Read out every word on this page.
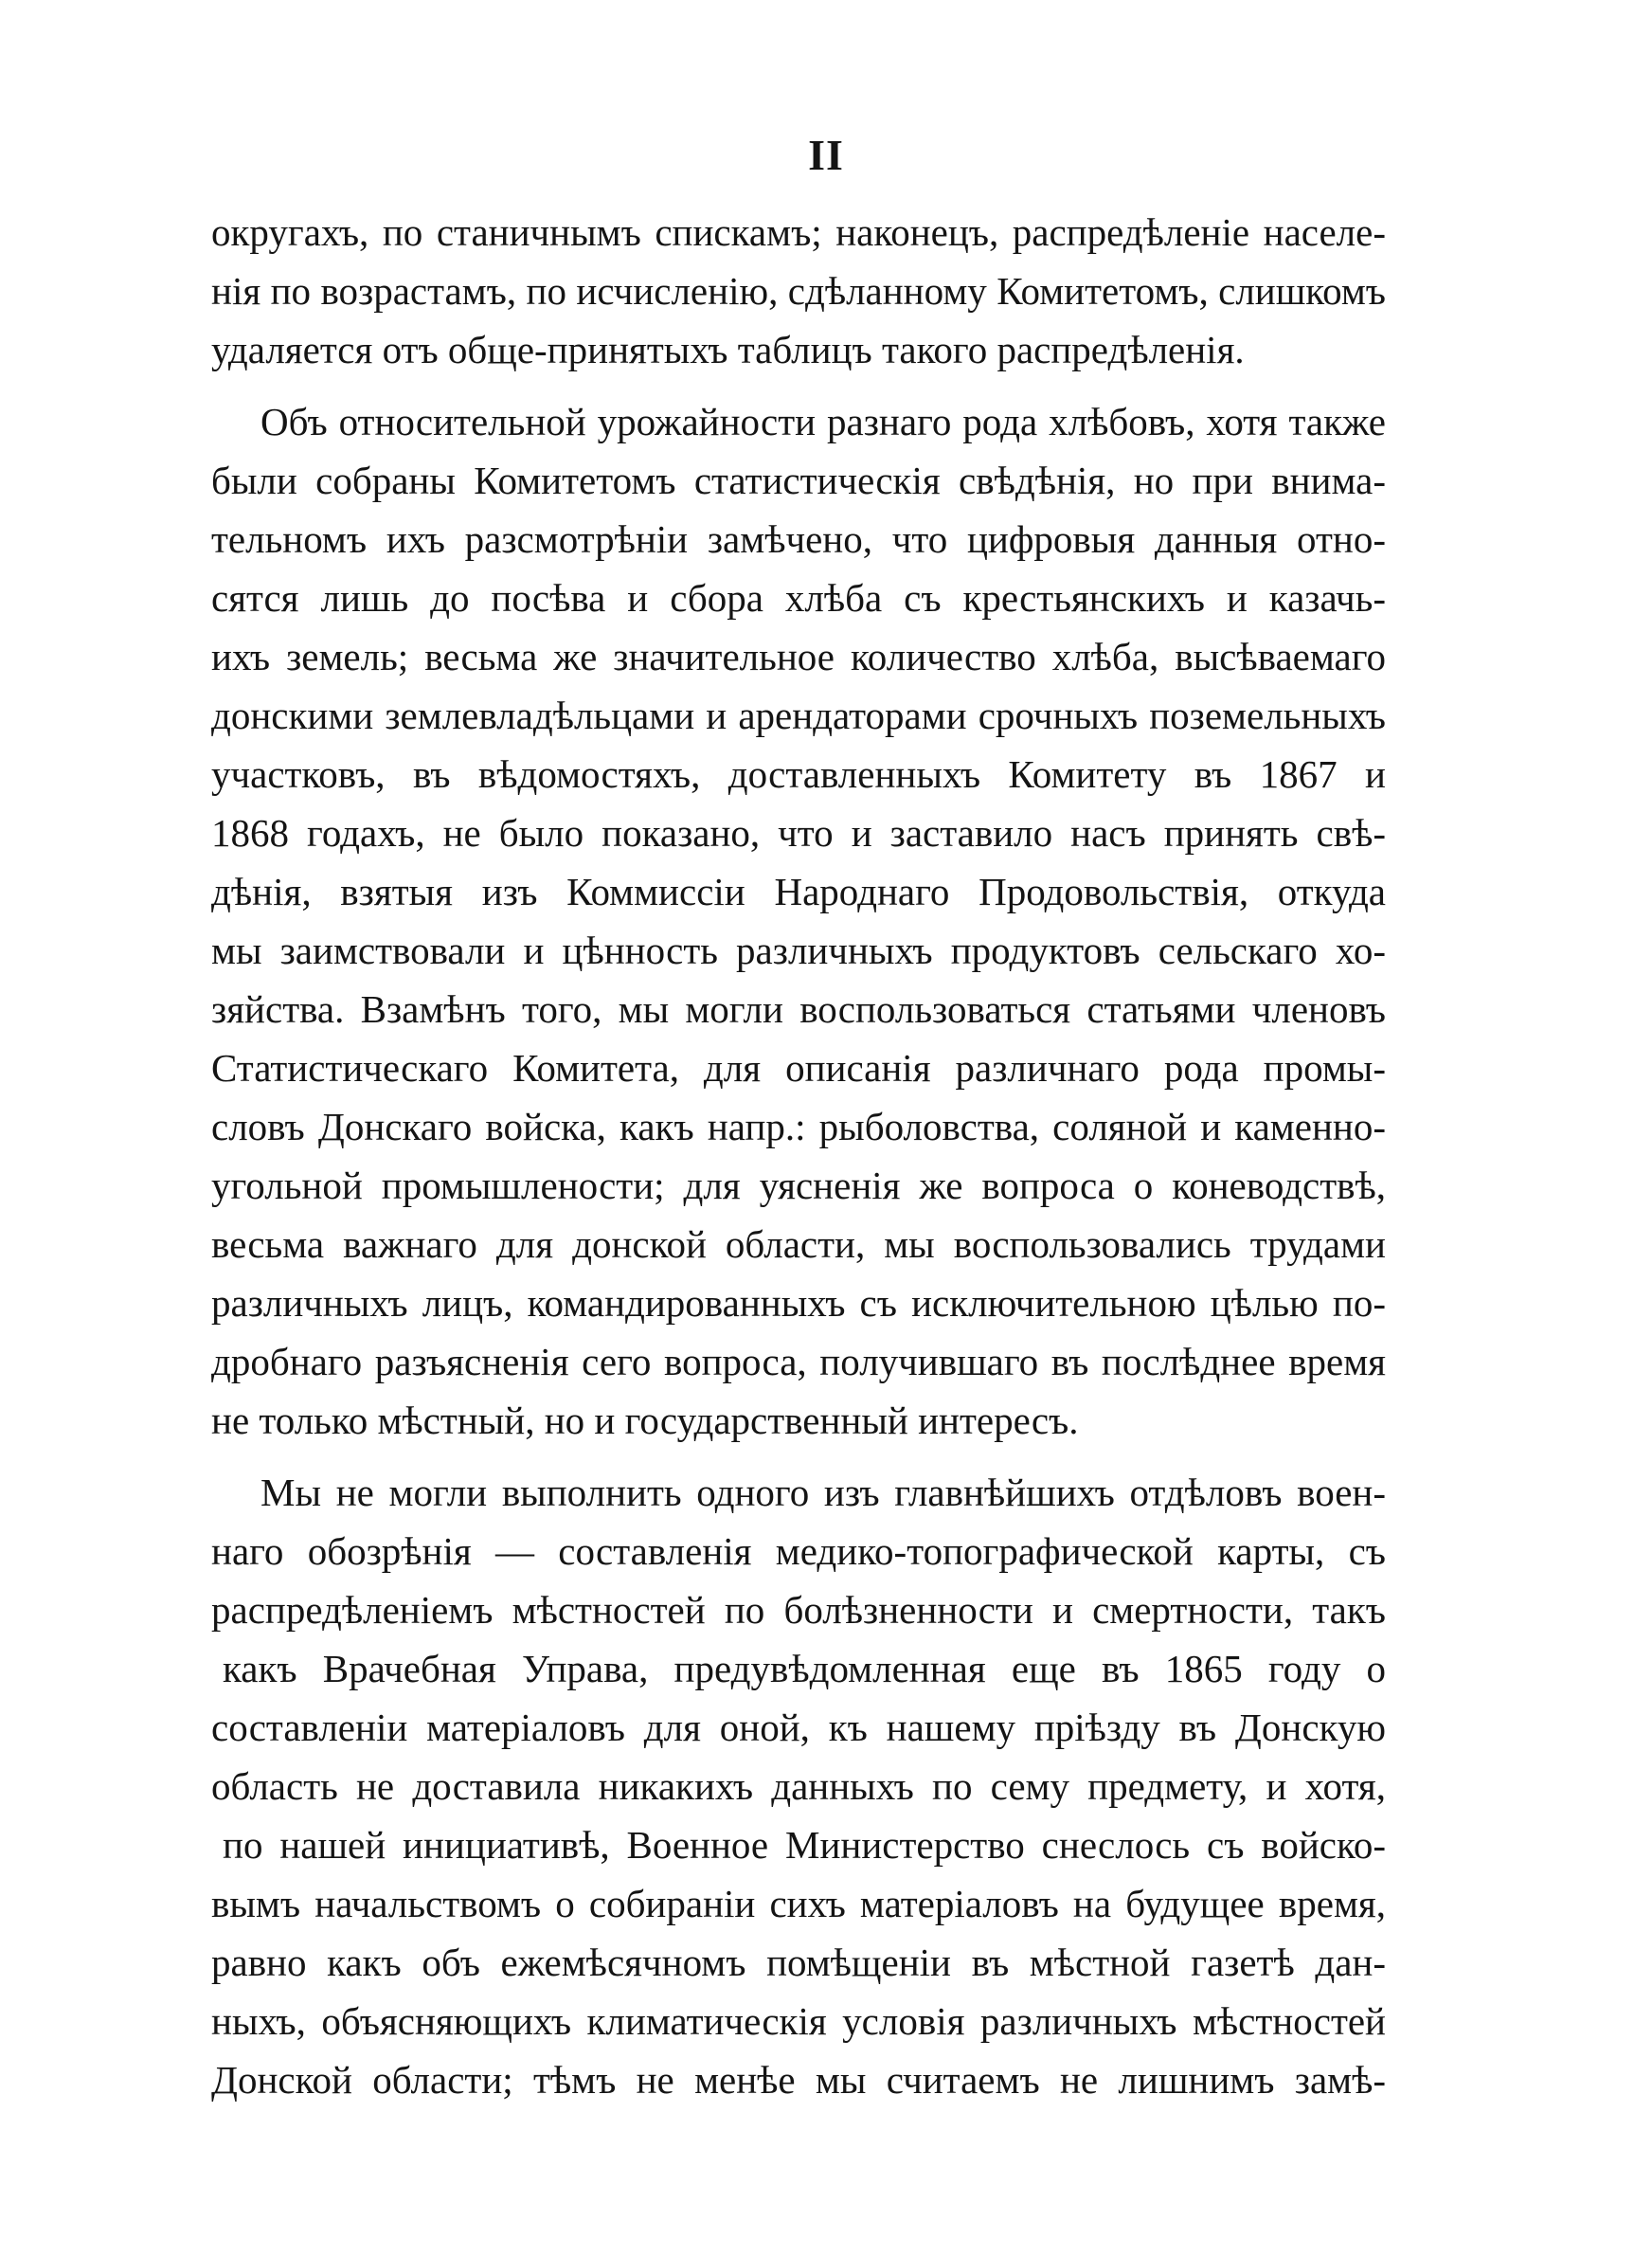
II

округахъ, по станичнымъ спискамъ; наконецъ, распредѣленіе населе-
нія по возрастамъ, по исчисленію, сдѣланному Комитетомъ, слишкомъ
удаляется отъ обще-принятыхъ таблицъ такого распредѣленія.

Объ относительной урожайности разнаго рода хлѣбовъ, хотя также
были собраны Комитетомъ статистическія свѣдѣнія, но при внима-
тельномъ ихъ разсмотрѣніи замѣчено, что цифровыя данныя отно-
сятся лишь до посѣва и сбора хлѣба съ крестьянскихъ и казачь-
ихъ земель; весьма же значительное количество хлѣба, высѣваемаго
донскими землевладѣльцами и арендаторами срочныхъ поземельныхъ
участковъ, въ вѣдомостяхъ, доставленныхъ Комитету въ 1867 и
1868 годахъ, не было показано, что и заставило насъ принять свѣ-
дѣнія, взятыя изъ Коммиссіи Народнаго Продовольствія, откуда
мы заимствовали и цѣнность различныхъ продуктовъ сельскаго хо-
зяйства. Взамѣнъ того, мы могли воспользоваться статьями членовъ
Статистическаго Комитета, для описанія различнаго рода промы-
словъ Донскаго войска, какъ напр.: рыболовства, соляной и каменно-
угольной промышлености; для уясненія же вопроса о коневодствѣ,
весьма важнаго для донской области, мы воспользовались трудами
различныхъ лицъ, командированныхъ съ исключительною цѣлью по-
дробнаго разъясненія сего вопроса, получившаго въ послѣднее время
не только мѣстный, но и государственный интересъ.

Мы не могли выполнить одного изъ главнѣйшихъ отдѣловъ воен-
наго обозрѣнія — составленія медико-топографической карты, съ
распредѣленіемъ мѣстностей по болѣзненности и смертности, такъ
какъ Врачебная Управа, предувѣдомленная еще въ 1865 году о
составленіи матеріаловъ для оной, къ нашему пріѣзду въ Донскую
область не доставила никакихъ данныхъ по сему предмету, и хотя,
по нашей инициативѣ, Военное Министерство снеслось съ войско-
вымъ начальствомъ о собираніи сихъ матеріаловъ на будущее время,
равно какъ объ ежемѣсячномъ помѣщеніи въ мѣстной газетѣ дан-
ныхъ, объясняющихъ климатическія условія различныхъ мѣстностей
Донской области; тѣмъ не менѣе мы считаемъ не лишнимъ замѣ-
